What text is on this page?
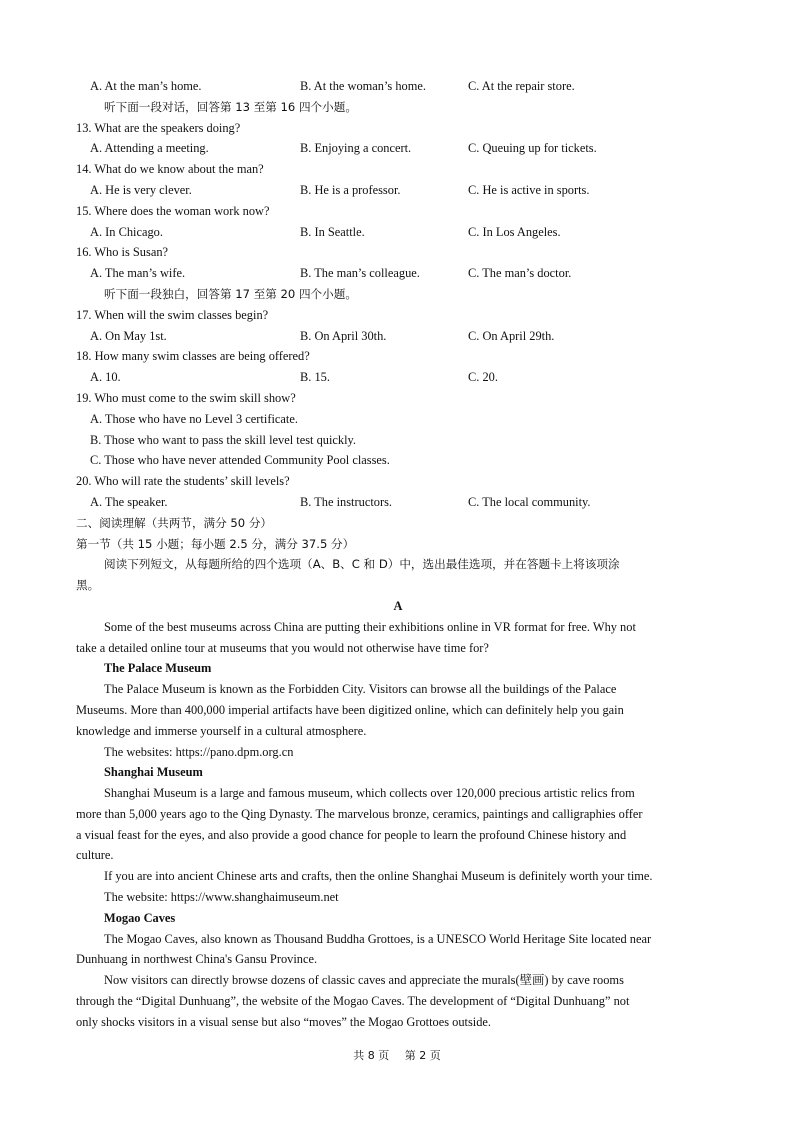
A. At the man’s home.	B. At the woman’s home.	C. At the repair store.
听下面一段对话，回答第 13 至第 16 四个小题。
13. What are the speakers doing?
A. Attending a meeting.	B. Enjoying a concert.	C. Queuing up for tickets.
14. What do we know about the man?
A. He is very clever.	B. He is a professor.	C. He is active in sports.
15. Where does the woman work now?
A. In Chicago.	B. In Seattle.	C. In Los Angeles.
16. Who is Susan?
A. The man’s wife.	B. The man’s colleague.	C. The man’s doctor.
听下面一段独白，回答第 17 至第 20 四个小题。
17. When will the swim classes begin?
A. On May 1st.	B. On April 30th.	C. On April 29th.
18. How many swim classes are being offered?
A. 10.	B. 15.	C. 20.
19. Who must come to the swim skill show?
A. Those who have no Level 3 certificate.
B. Those who want to pass the skill level test quickly.
C. Those who have never attended Community Pool classes.
20. Who will rate the students’ skill levels?
A. The speaker.	B. The instructors.	C. The local community.
二、阅读理解（共两节，满分 50 分）
第一节（共 15 小题；每小题 2.5 分，满分 37.5 分）
阅读下列短文，从每题所给的四个选项（A、B、C 和 D）中，选出最佳选项，并在答题卡上将该项涂
黑。
A
Some of the best museums across China are putting their exhibitions online in VR format for free. Why not
take a detailed online tour at museums that you would not otherwise have time for?
The Palace Museum
The Palace Museum is known as the Forbidden City. Visitors can browse all the buildings of the Palace
Museums. More than 400,000 imperial artifacts have been digitized online, which can definitely help you gain
knowledge and immerse yourself in a cultural atmosphere.
The websites: https://pano.dpm.org.cn
Shanghai Museum
Shanghai Museum is a large and famous museum, which collects over 120,000 precious artistic relics from
more than 5,000 years ago to the Qing Dynasty. The marvelous bronze, ceramics, paintings and calligraphies offer
a visual feast for the eyes, and also provide a good chance for people to learn the profound Chinese history and
culture.
If you are into ancient Chinese arts and crafts, then the online Shanghai Museum is definitely worth your time.
The website: https://www.shanghaimuseum.net
Mogao Caves
The Mogao Caves, also known as Thousand Buddha Grottoes, is a UNESCO World Heritage Site located near
Dunhuang in northwest China's Gansu Province.
Now visitors can directly browse dozens of classic caves and appreciate the murals(壁画) by cave rooms
through the “Digital Dunhuang”, the website of the Mogao Caves. The development of “Digital Dunhuang” not
only shocks visitors in a visual sense but also “moves” the Mogao Grottoes outside.
共 8 页 第 2 页
